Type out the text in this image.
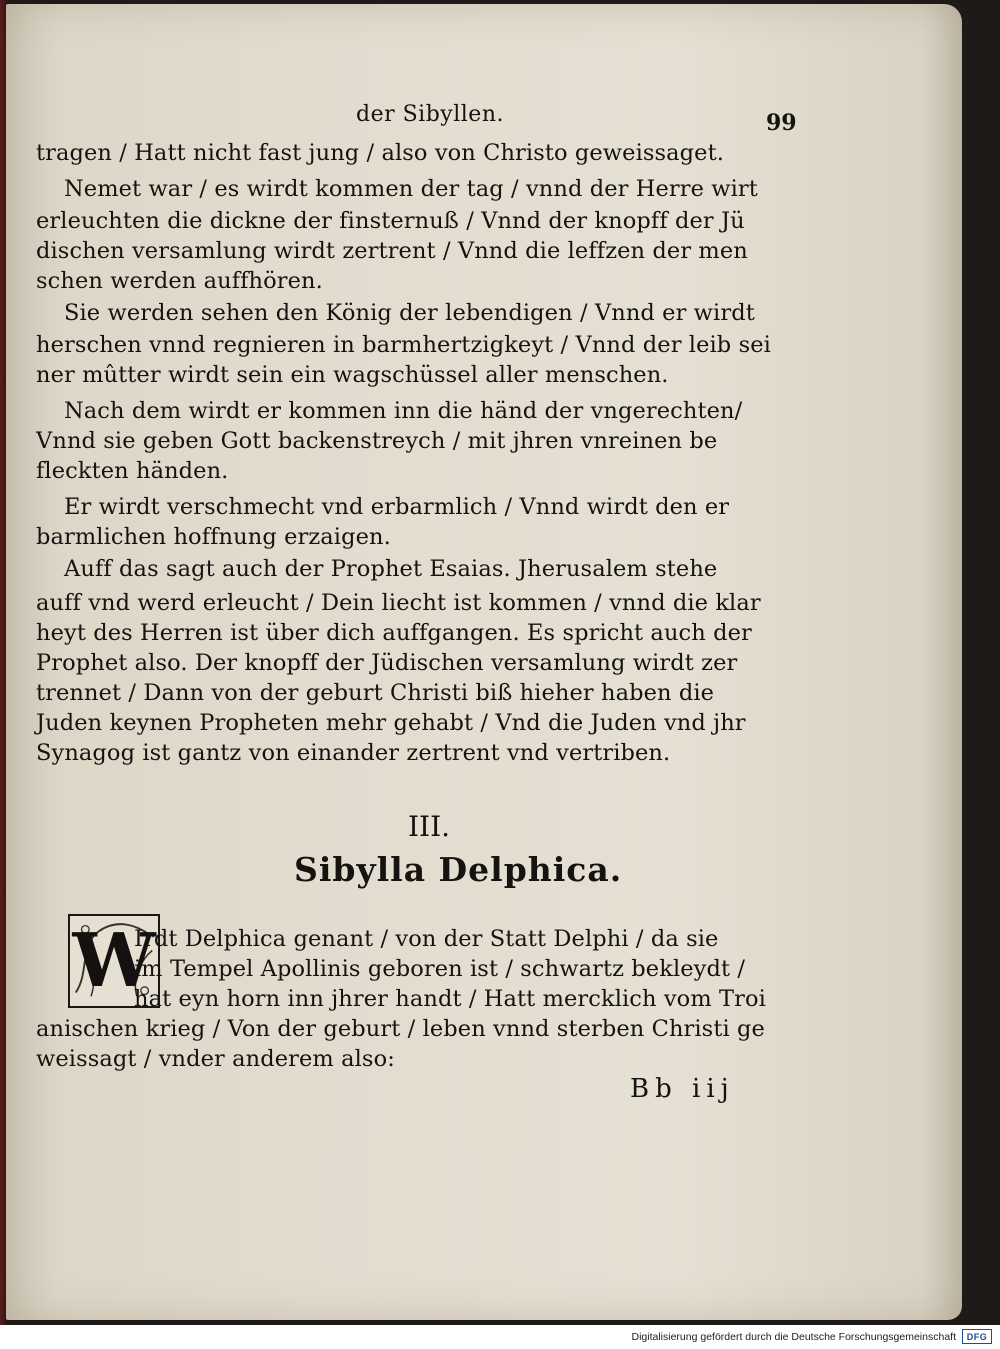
der Sibyllen.	99
tragen / Hatt nicht fast jung / also von Christo geweissaget.
Nemet war / es wirdt kommen der tag / vnnd der Herre wirt
erleuchten die dickne der finsternuß / Vnnd der knopff der Jü
dischen versamlung wirdt zertrent / Vnnd die leffzen der men
schen werden auffhören.
Sie werden sehen den König der lebendigen / Vnnd er wirdt
herschen vnnd regnieren in barmhertzigkeyt / Vnnd der leib sei
ner mûtter wirdt sein ein wagschüssel aller menschen.
Nach dem wirdt er kommen inn die händ der vngerechten/
Vnnd sie geben Gott backenstreych / mit jhren vnreinen be
fleckten händen.
Er wirdt verschmecht vnd erbarmlich / Vnnd wirdt den er
barmlichen hoffnung erzaigen.
Auff das sagt auch der Prophet Esaias. Jherusalem stehe
auff vnd werd erleucht / Dein liecht ist kommen / vnnd die klar
heyt des Herren ist über dich auffgangen. Es spricht auch der
Prophet also. Der knopff der Jüdischen versamlung wirdt zer
trennet / Dann von der geburt Christi biß hieher haben die
Juden keynen Propheten mehr gehabt / Vnd die Juden vnd jhr
Synagog ist gantz von einander zertrent vnd vertriben.
III.
Sibylla Delphica.
W
Irdt Delphica genant / von der Statt Delphi / da sie
im Tempel Apollinis geboren ist / schwartz bekleydt /
hat eyn horn inn jhrer handt / Hatt mercklich vom Troi
anischen krieg / Von der geburt / leben vnnd sterben Christi ge
weissagt / vnder anderem also:
Bb iij
Digitalisierung gefördert durch die Deutsche Forschungsgemeinschaft	DFG
